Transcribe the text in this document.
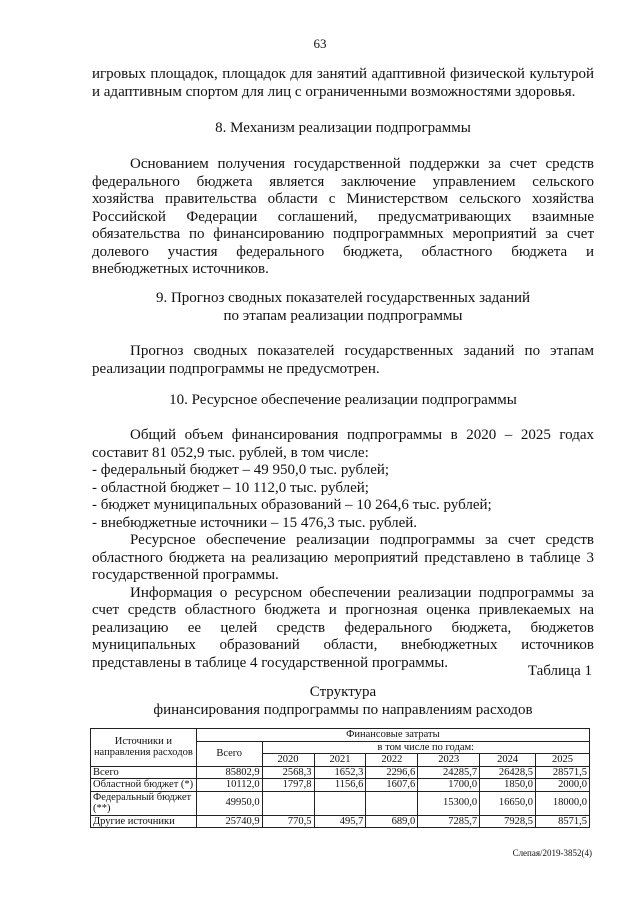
63
игровых площадок, площадок для занятий адаптивной физической культурой
и адаптивным спортом для лиц с ограниченными возможностями здоровья.
8. Механизм реализации подпрограммы
Основанием получения государственной поддержки за счет средств
федерального бюджета является заключение управлением сельского
хозяйства правительства области с Министерством сельского хозяйства
Российской Федерации соглашений, предусматривающих взаимные
обязательства по финансированию подпрограммных мероприятий за счет
долевого участия федерального бюджета, областного бюджета и
внебюджетных источников.
9. Прогноз сводных показателей государственных заданий
по этапам реализации подпрограммы
Прогноз сводных показателей государственных заданий по этапам
реализации подпрограммы не предусмотрен.
10. Ресурсное обеспечение реализации подпрограммы
Общий объем финансирования подпрограммы в 2020 – 2025 годах
составит 81 052,9 тыс. рублей, в том числе:
- федеральный бюджет – 49 950,0 тыс. рублей;
- областной бюджет – 10 112,0 тыс. рублей;
- бюджет муниципальных образований – 10 264,6 тыс. рублей;
- внебюджетные источники – 15 476,3 тыс. рублей.
Ресурсное обеспечение реализации подпрограммы за счет средств
областного бюджета на реализацию мероприятий представлено в таблице 3
государственной программы.
Информация о ресурсном обеспечении реализации подпрограммы за
счет средств областного бюджета и прогнозная оценка привлекаемых на
реализацию ее целей средств федерального бюджета, бюджетов
муниципальных образований области, внебюджетных источников
представлены в таблице 4 государственной программы.
Таблица 1
Структура
финансирования подпрограммы по направлениям расходов
Источники и направления расходов	Финансовые затраты						
	Всего	в том числе по годам:					
		2020	2021	2022	2023	2024	2025
Всего	85802,9	2568,3	1652,3	2296,6	24285,7	26428,5	28571,5
Областной бюджет (*)	10112,0	1797,8	1156,6	1607,6	1700,0	1850,0	2000,0
Федеральный бюджет (**)	49950,0				15300,0	16650,0	18000,0
Другие источники	25740,9	770,5	495,7	689,0	7285,7	7928,5	8571,5
Слепая/2019-3852(4)
